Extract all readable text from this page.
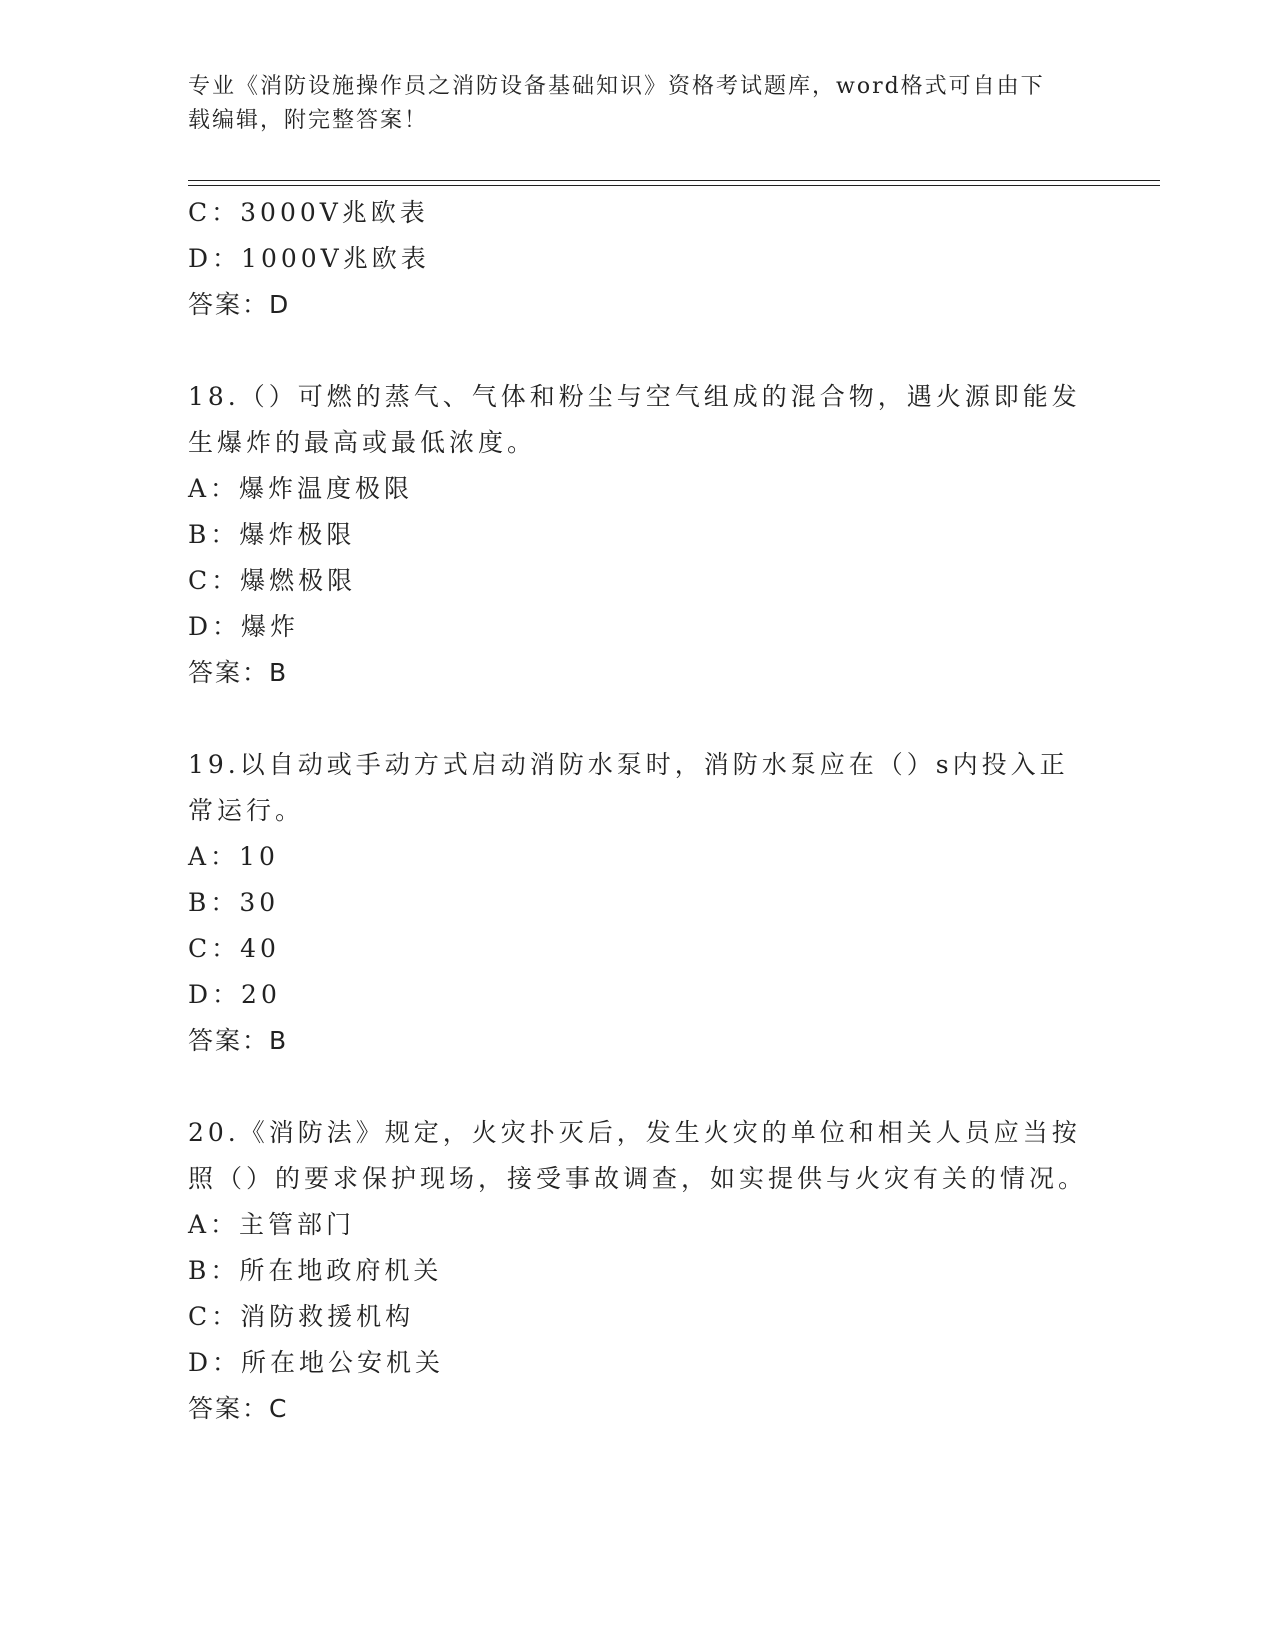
专业《消防设施操作员之消防设备基础知识》资格考试题库，word格式可自由下载编辑，附完整答案！
C：3000V兆欧表
D：1000V兆欧表
答案：D
18.（）可燃的蒸气、气体和粉尘与空气组成的混合物，遇火源即能发生爆炸的最高或最低浓度。
A：爆炸温度极限
B：爆炸极限
C：爆燃极限
D：爆炸
答案：B
19.以自动或手动方式启动消防水泵时，消防水泵应在（）s内投入正常运行。
A：10
B：30
C：40
D：20
答案：B
20.《消防法》规定，火灾扑灭后，发生火灾的单位和相关人员应当按照（）的要求保护现场，接受事故调查，如实提供与火灾有关的情况。
A：主管部门
B：所在地政府机关
C：消防救援机构
D：所在地公安机关
答案：C
